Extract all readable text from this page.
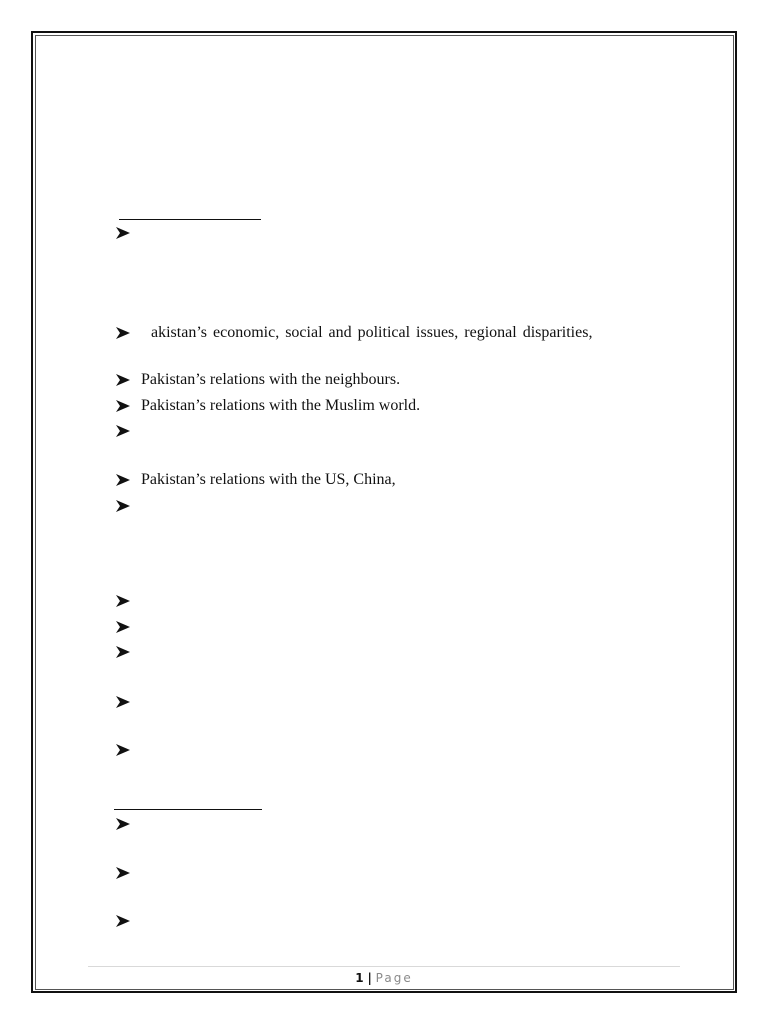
akistan’s economic, social and political issues, regional disparities,
Pakistan’s relations with the neighbours.
Pakistan’s relations with the Muslim world.
Pakistan’s relations with the US, China,
1 | Page
